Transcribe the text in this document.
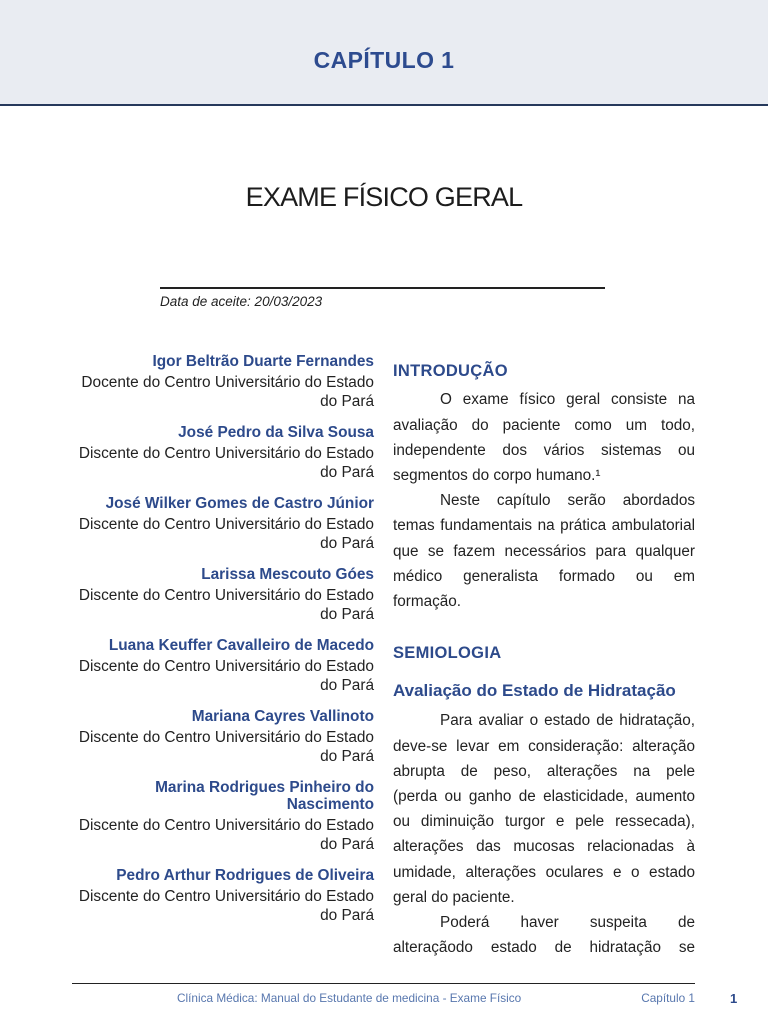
CAPÍTULO 1
EXAME FÍSICO GERAL
Data de aceite: 20/03/2023
Igor Beltrão Duarte Fernandes
Docente do Centro Universitário do Estado do Pará
José Pedro da Silva Sousa
Discente do Centro Universitário do Estado do Pará
José Wilker Gomes de Castro Júnior
Discente do Centro Universitário do Estado do Pará
Larissa Mescouto Góes
Discente do Centro Universitário do Estado do Pará
Luana Keuffer Cavalleiro de Macedo
Discente do Centro Universitário do Estado do Pará
Mariana Cayres Vallinoto
Discente do Centro Universitário do Estado do Pará
Marina Rodrigues Pinheiro do Nascimento
Discente do Centro Universitário do Estado do Pará
Pedro Arthur Rodrigues de Oliveira
Discente do Centro Universitário do Estado do Pará
INTRODUÇÃO
O exame físico geral consiste na
avaliação do paciente como um todo,
independente dos vários sistemas ou
segmentos do corpo humano.¹
Neste capítulo serão abordados
temas fundamentais na prática ambulatorial
que se fazem necessários para qualquer
médico generalista formado ou em
formação.
SEMIOLOGIA
Avaliação do Estado de Hidratação
Para avaliar o estado de hidratação,
deve-se levar em consideração: alteração
abrupta de peso, alterações na pele
(perda ou ganho de elasticidade, aumento
ou diminuição turgor e pele ressecada),
alterações das mucosas relacionadas à
umidade, alterações oculares e o estado
geral do paciente.
Poderá haver suspeita de
alteraçãodo estado de hidratação se
Clínica Médica: Manual do Estudante de medicina - Exame Físico	Capítulo 1	1
